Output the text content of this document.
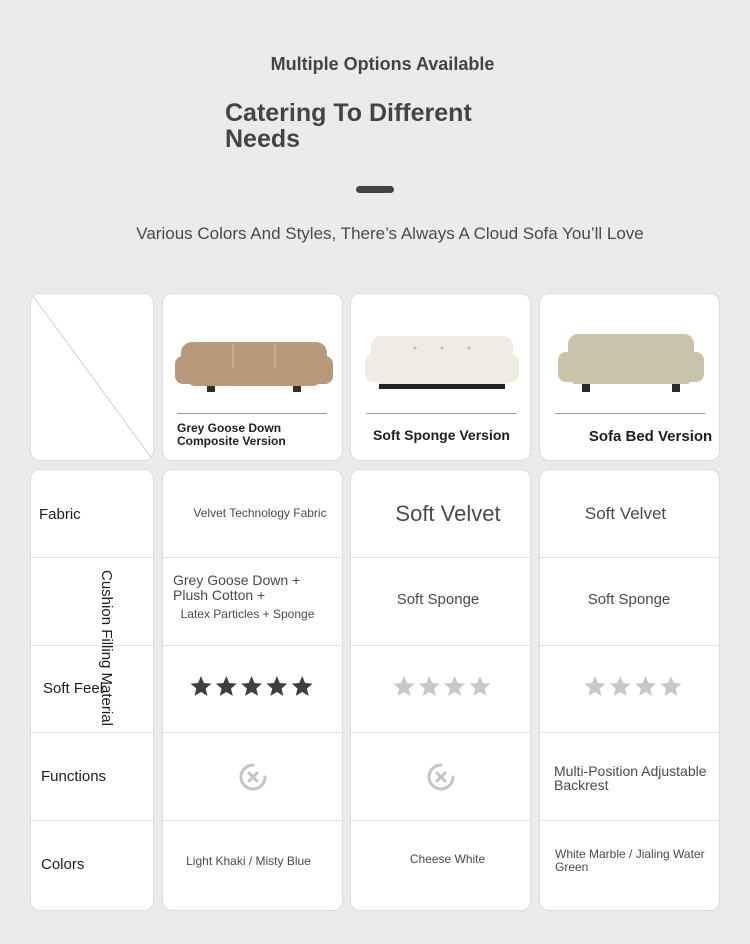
Multiple Options Available
Catering To Different Needs
Various Colors And Styles, There’s Always A Cloud Sofa You’ll Love
Grey Goose Down Composite Version	Soft Sponge Version	Sofa Bed Version
Fabric
Soft Feel
Cushion Filling Material
Functions
Colors
Velvet Technology Fabric
Grey Goose Down + Plush Cotton +
Latex Particles + Sponge
Light Khaki / Misty Blue
Soft Velvet
Soft Sponge
Cheese White
Soft Velvet
Soft Sponge
Multi-Position Adjustable Backrest
White Marble / Jialing Water Green
